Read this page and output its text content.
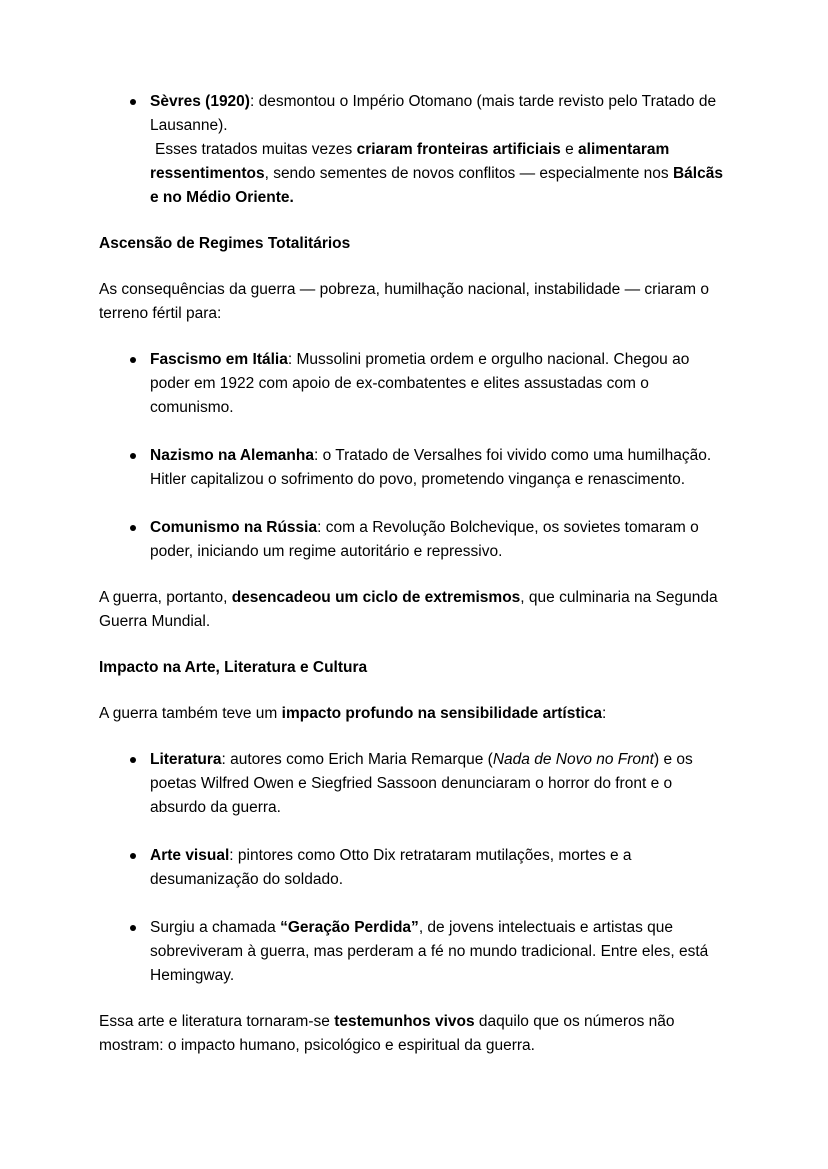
Sèvres (1920): desmontou o Império Otomano (mais tarde revisto pelo Tratado de Lausanne).
Esses tratados muitas vezes criaram fronteiras artificiais e alimentaram ressentimentos, sendo sementes de novos conflitos — especialmente nos Bálcãs e no Médio Oriente.
Ascensão de Regimes Totalitários

As consequências da guerra — pobreza, humilhação nacional, instabilidade — criaram o terreno fértil para:

Fascismo em Itália: Mussolini prometia ordem e orgulho nacional. Chegou ao poder em 1922 com apoio de ex-combatentes e elites assustadas com o comunismo.
Nazismo na Alemanha: o Tratado de Versalhes foi vivido como uma humilhação. Hitler capitalizou o sofrimento do povo, prometendo vingança e renascimento.
Comunismo na Rússia: com a Revolução Bolchevique, os sovietes tomaram o poder, iniciando um regime autoritário e repressivo.

A guerra, portanto, desencadeou um ciclo de extremismos, que culminaria na Segunda Guerra Mundial.

Impacto na Arte, Literatura e Cultura

A guerra também teve um impacto profundo na sensibilidade artística:

Literatura: autores como Erich Maria Remarque (Nada de Novo no Front) e os poetas Wilfred Owen e Siegfried Sassoon denunciaram o horror do front e o absurdo da guerra.
Arte visual: pintores como Otto Dix retrataram mutilações, mortes e a desumanização do soldado.
Surgiu a chamada “Geração Perdida”, de jovens intelectuais e artistas que sobreviveram à guerra, mas perderam a fé no mundo tradicional. Entre eles, está Hemingway.

Essa arte e literatura tornaram-se testemunhos vivos daquilo que os números não mostram: o impacto humano, psicológico e espiritual da guerra.
